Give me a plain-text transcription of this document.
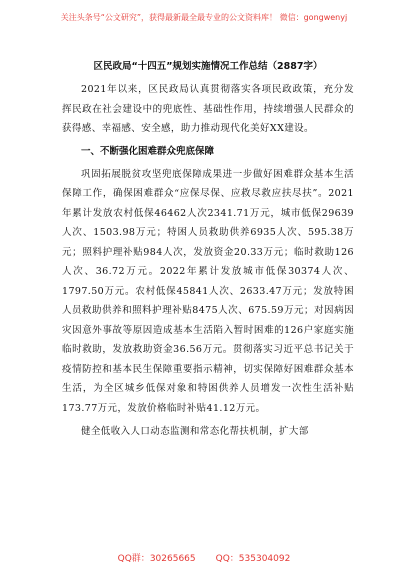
关注头条号“公文研究”，获得最新最全最专业的公文资料库！ 微信：gongwenyj
区民政局“十四五”规划实施情况工作总结（2887字）

2021年以来，区民政局认真贯彻落实各项民政政策，充分发挥民政在社会建设中的兜底性、基础性作用，持续增强人民群众的获得感、幸福感、安全感，助力推动现代化美好XX建设。

一、不断强化困难群众兜底保障

巩固拓展脱贫攻坚兜底保障成果进一步做好困难群众基本生活保障工作，确保困难群众“应保尽保、应救尽救应扶尽扶”。2021年累计发放农村低保46462人次2341.71万元，城市低保29639人次、1503.98万元；特困人员救助供养6935人次、595.38万元；照料护理补贴984人次，发放资金20.33万元；临时救助126人次、36.72万元。2022年累计发放城市低保30374人次、1797.50万元。农村低保45841人次、2633.47万元；发放特困人员救助供养和照料护理补贴8475人次、675.59万元；对因病因灾因意外事故等原因造成基本生活陷入暂时困难的126户家庭实施临时救助，发放救助资金36.56万元。贯彻落实习近平总书记关于疫情防控和基本民生保障重要指示精神，切实保障好困难群众基本生活，为全区城乡低保对象和特困供养人员增发一次性生活补贴173.77万元，发放价格临时补贴41.12万元。

健全低收入人口动态监测和常态化帮扶机制，扩大部

QQ群：30265665 QQ：535304092
